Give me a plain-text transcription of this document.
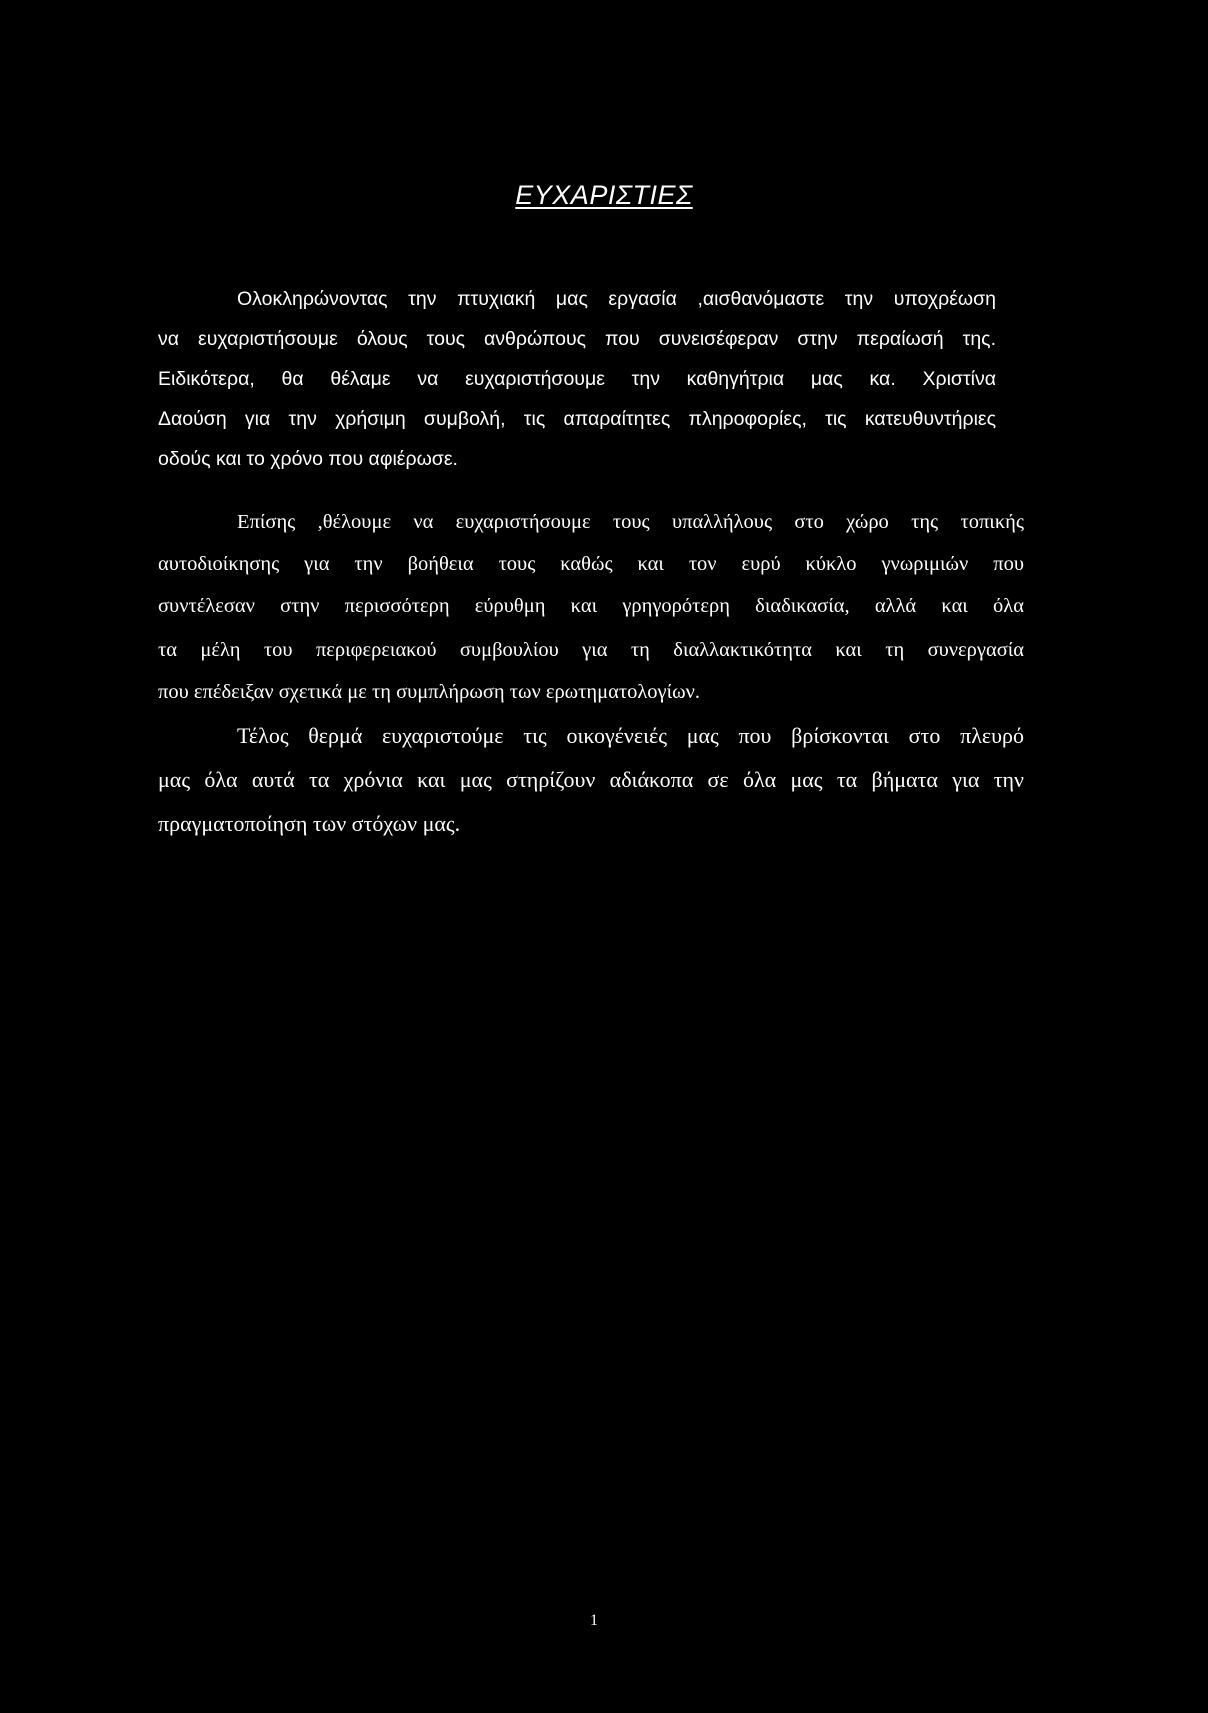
ΕΥΧΑΡΙΣΤΙΕΣ
Ολοκληρώνοντας την πτυχιακή μας εργασία ,αισθανόμαστε την υποχρέωση
να ευχαριστήσουμε όλους τους ανθρώπους που συνεισέφεραν στην περαίωσή της.
Ειδικότερα, θα θέλαμε να ευχαριστήσουμε την καθηγήτρια μας κα. Χριστίνα
Δαούση για την χρήσιμη συμβολή, τις απαραίτητες πληροφορίες, τις κατευθυντήριες
οδούς και το χρόνο που αφιέρωσε.
Επίσης ,θέλουμε να ευχαριστήσουμε τους υπαλλήλους στο χώρο της τοπικής
αυτοδιοίκησης για την βοήθεια τους καθώς και τον ευρύ κύκλο γνωριμιών που
συντέλεσαν στην περισσότερη εύρυθμη και γρηγορότερη διαδικασία, αλλά και όλα
τα μέλη του περιφερειακού συμβουλίου για τη διαλλακτικότητα και τη συνεργασία
που επέδειξαν σχετικά με τη συμπλήρωση των ερωτηματολογίων.
Τέλος θερμά ευχαριστούμε τις οικογένειές μας που βρίσκονται στο πλευρό
μας όλα αυτά τα χρόνια και μας στηρίζουν αδιάκοπα σε όλα μας τα βήματα για την
πραγματοποίηση των στόχων μας.
1
